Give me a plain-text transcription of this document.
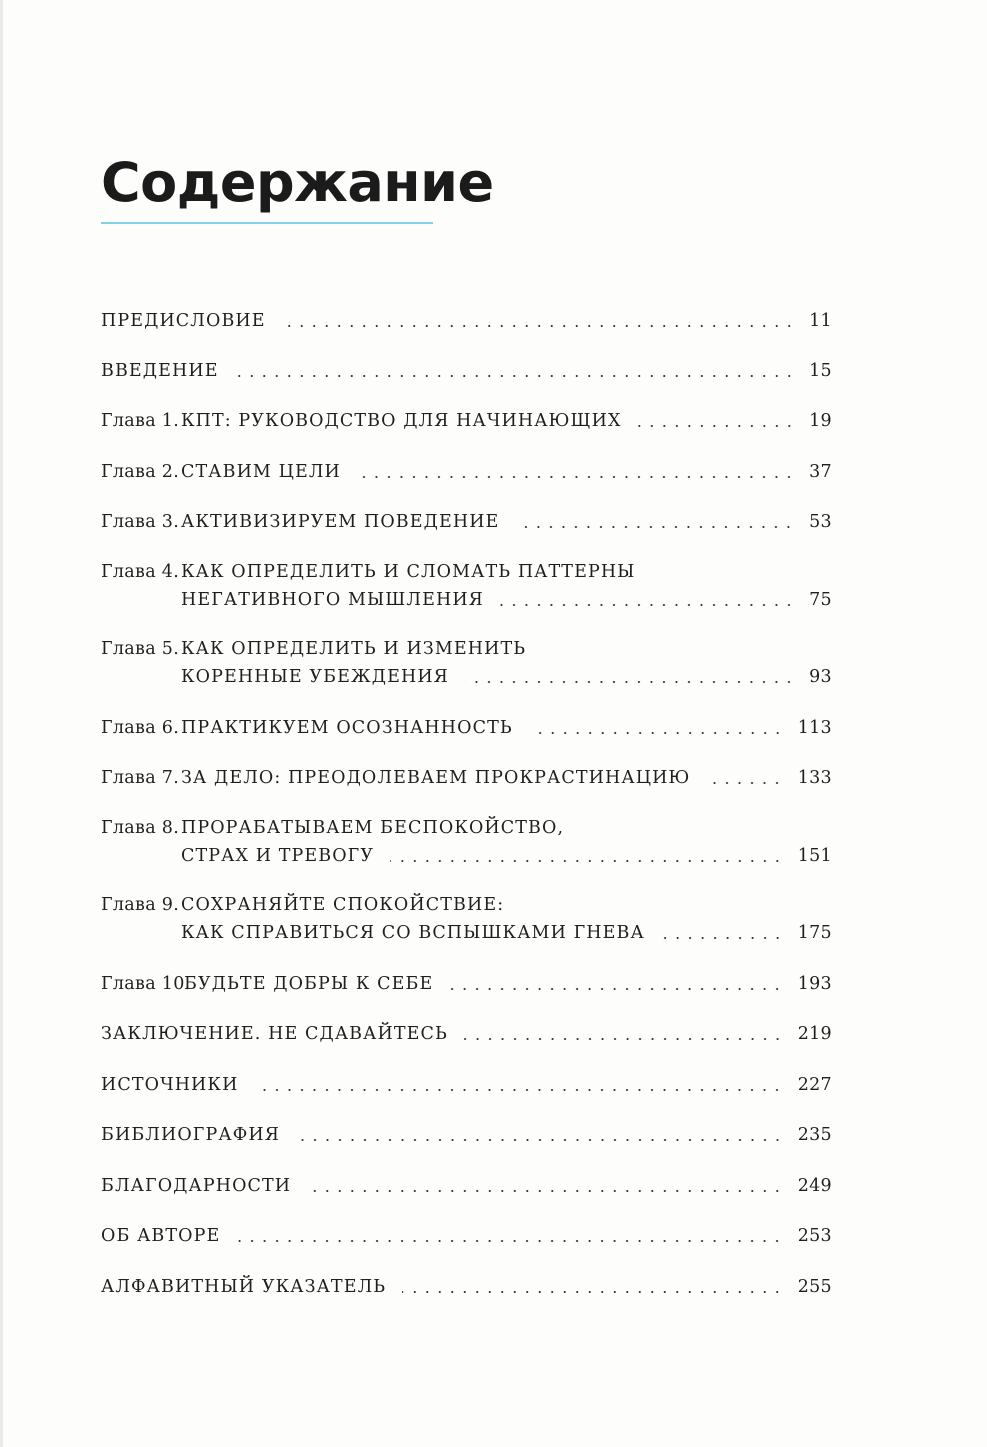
Содержание
ПРЕДИСЛОВИЕ	11
ВВЕДЕНИЕ	15
Глава 1. КПТ: РУКОВОДСТВО ДЛЯ НАЧИНАЮЩИХ	19
Глава 2. СТАВИМ ЦЕЛИ	37
Глава 3. АКТИВИЗИРУЕМ ПОВЕДЕНИЕ	53
Глава 4. КАК ОПРЕДЕЛИТЬ И СЛОМАТЬ ПАТТЕРНЫ
НЕГАТИВНОГО МЫШЛЕНИЯ	75
Глава 5. КАК ОПРЕДЕЛИТЬ И ИЗМЕНИТЬ
КОРЕННЫЕ УБЕЖДЕНИЯ	93
Глава 6. ПРАКТИКУЕМ ОСОЗНАННОСТЬ	113
Глава 7. ЗА ДЕЛО: ПРЕОДОЛЕВАЕМ ПРОКРАСТИНАЦИЮ	133
Глава 8. ПРОРАБАТЫВАЕМ БЕСПОКОЙСТВО,
СТРАХ И ТРЕВОГУ	151
Глава 9. СОХРАНЯЙТЕ СПОКОЙСТВИЕ:
КАК СПРАВИТЬСЯ СО ВСПЫШКАМИ ГНЕВА	175
Глава 10.
БУДЬТЕ ДОБРЫ К СЕБЕ	193
ЗАКЛЮЧЕНИЕ. НЕ СДАВАЙТЕСЬ	219
ИСТОЧНИКИ	227
БИБЛИОГРАФИЯ	235
БЛАГОДАРНОСТИ	249
ОБ АВТОРЕ	253
АЛФАВИТНЫЙ УКАЗАТЕЛЬ	255
